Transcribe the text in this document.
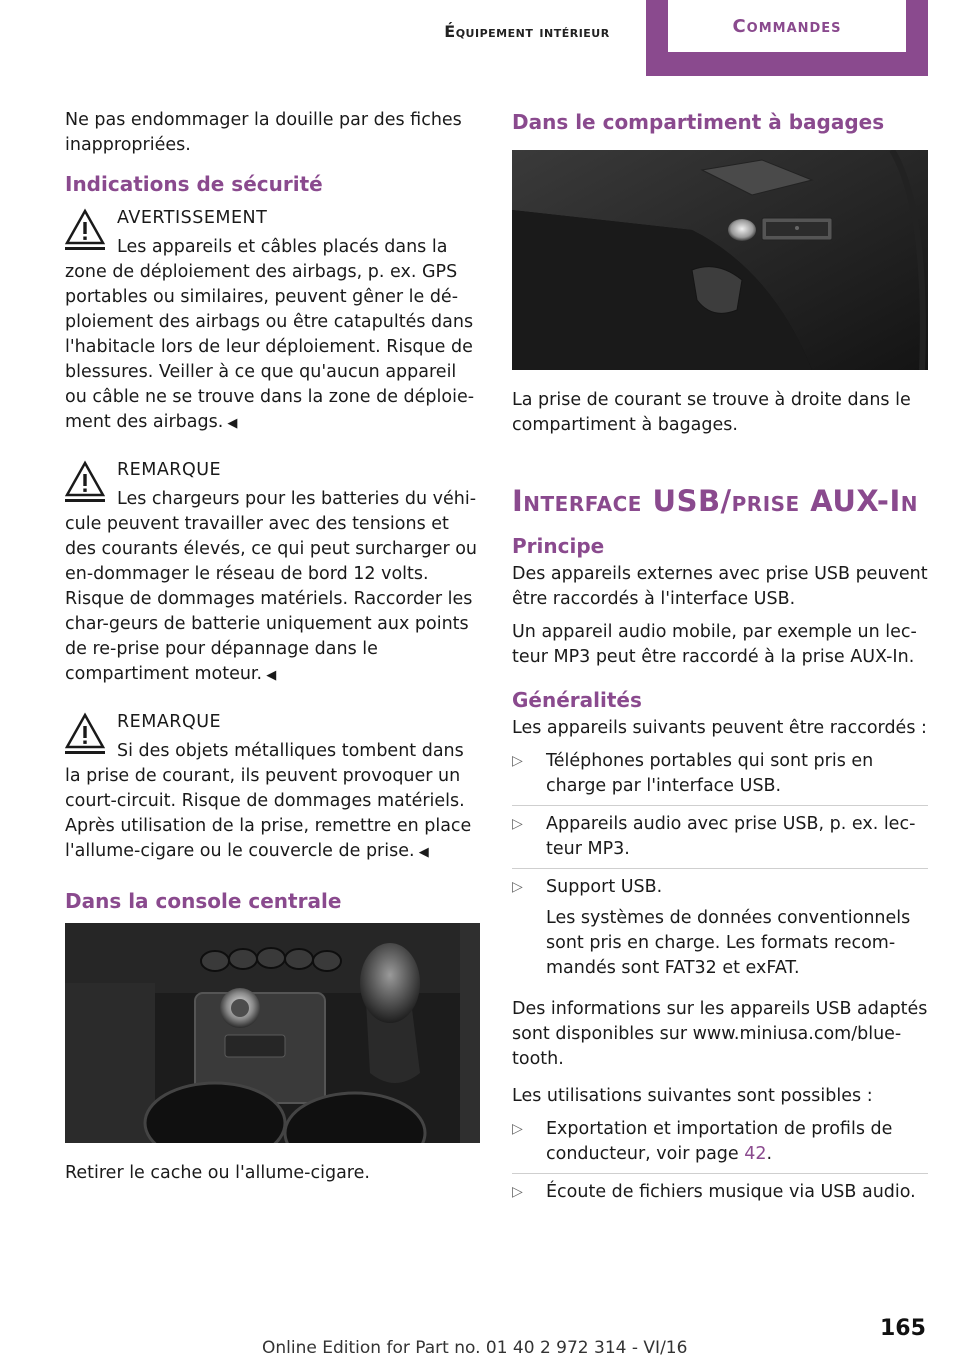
Équipement intérieur	Commandes

Ne pas endommager la douille par des fiches inappropriées.

Indications de sécurité
AVERTISSEMENT
Les appareils et câbles placés dans la zone de déploiement des airbags, p. ex. GPS portables ou similaires, peuvent gêner le dé-ploiement des airbags ou être catapultés dans l'habitacle lors de leur déploiement. Risque de blessures. Veiller à ce que qu'aucun appareil ou câble ne se trouve dans la zone de déploie-ment des airbags. ◀
REMARQUE
Les chargeurs pour les batteries du véhi-cule peuvent travailler avec des tensions et des courants élevés, ce qui peut surcharger ou en-dommager le réseau de bord 12 volts. Risque de dommages matériels. Raccorder les char-geurs de batterie uniquement aux points de re-prise pour dépannage dans le compartiment moteur. ◀
REMARQUE
Si des objets métalliques tombent dans la prise de courant, ils peuvent provoquer un court-circuit. Risque de dommages matériels. Après utilisation de la prise, remettre en place l'allume-cigare ou le couvercle de prise. ◀
Dans la console centrale

Retirer le cache ou l'allume-cigare.

Dans le compartiment à bagages

La prise de courant se trouve à droite dans le compartiment à bagages.

Interface USB/prise AUX-In
Principe

Des appareils externes avec prise USB peuvent être raccordés à l'interface USB.

Un appareil audio mobile, par exemple un lec-teur MP3 peut être raccordé à la prise AUX-In.

Généralités

Les appareils suivants peuvent être raccordés :

▷ Téléphones portables qui sont pris en charge par l'interface USB.
▷ Appareils audio avec prise USB, p. ex. lec-teur MP3.
▷ Support USB.
Les systèmes de données conventionnels sont pris en charge. Les formats recom-mandés sont FAT32 et exFAT.

Des informations sur les appareils USB adaptés sont disponibles sur www.miniusa.com/blue-tooth.

Les utilisations suivantes sont possibles :

▷ Exportation et importation de profils de conducteur, voir page 42.
▷ Écoute de fichiers musique via USB audio.
165
Online Edition for Part no. 01 40 2 972 314 - VI/16
